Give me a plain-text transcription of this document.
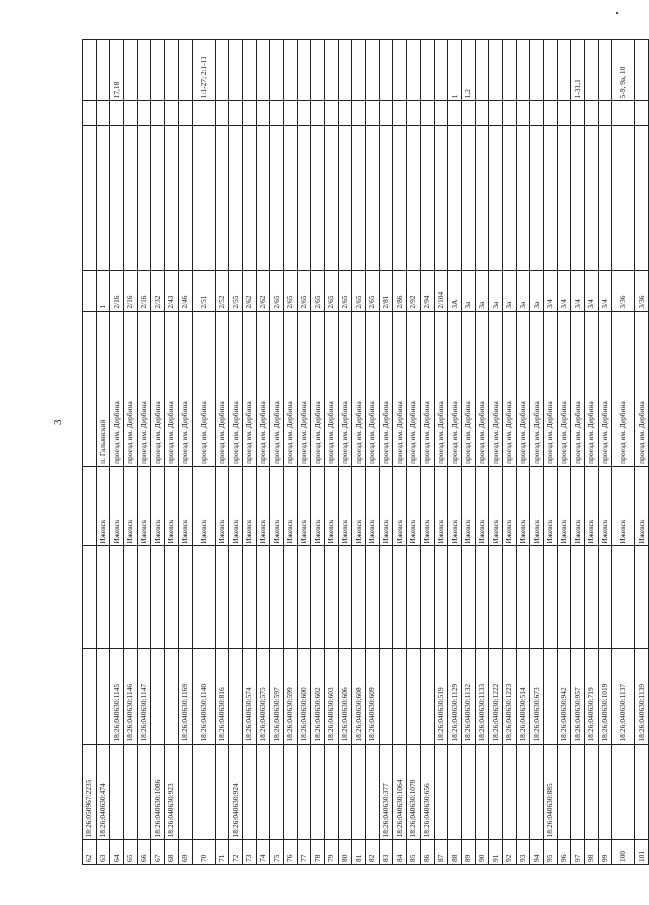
3
62	18:26:050967:2235								
63	18:26:040630:474			Ижевск	п. Гальянский	1			
64		18:26:040630:1145		Ижевск	проезд им. Дербина	2/16			17,18
65		18:26:040630:1146		Ижевск	проезд им. Дербина	2/16			
66		18:26:040630:1147		Ижевск	проезд им. Дербина	2/16			
67	18:26:040630:1086			Ижевск	проезд им. Дербина	2/32			
68	18:26:040630:923			Ижевск	проезд им. Дербина	2/43			
69		18:26:040630:1169		Ижевск	проезд им. Дербина	2/46			
70		18:26:040630:1140		Ижевск	проезд им. Дербина	2/51			1:1-27; 2:1-11
71		18:26:040630:816		Ижевск	проезд им. Дербина	2/52			
72	18:26:040630:924			Ижевск	проезд им. Дербина	2/55			
73		18:26:040630:574		Ижевск	проезд им. Дербина	2/62			
74		18:26:040630:575		Ижевск	проезд им. Дербина	2/62			
75		18:26:040630:597		Ижевск	проезд им. Дербина	2/65			
76		18:26:040630:599		Ижевск	проезд им. Дербина	2/65			
77		18:26:040630:600		Ижевск	проезд им. Дербина	2/65			
78		18:26:040630:602		Ижевск	проезд им. Дербина	2/65			
79		18:26:040630:603		Ижевск	проезд им. Дербина	2/65			
80		18:26:040630:606		Ижевск	проезд им. Дербина	2/65			
81		18:26:040630:608		Ижевск	проезд им. Дербина	2/65			
82		18:26:040630:609		Ижевск	проезд им. Дербина	2/65			
83	18:26:040630:377			Ижевск	проезд им. Дербина	2/81			
84	18:26:040630:1064			Ижевск	проезд им. Дербина	2/86			
85	18:26:040630:1070			Ижевск	проезд им. Дербина	2/92			
86	18:26:040630:656			Ижевск	проезд им. Дербина	2/94			
87		18:26:040630:519		Ижевск	проезд им. Дербина	2/104			
88		18:26:040630:1129		Ижевск	проезд им. Дербина	3А			1
89		18:26:040630:1132		Ижевск	проезд им. Дербина	3а			1,2
90		18:26:040630:1133		Ижевск	проезд им. Дербина	3а			
91		18:26:040630:1222		Ижевск	проезд им. Дербина	3а			
92		18:26:040630:1223		Ижевск	проезд им. Дербина	3а			
93		18:26:040630:514		Ижевск	проезд им. Дербина	3а			
94		18:26:040630:673		Ижевск	проезд им. Дербина	3а			
95	18:26:040630:885			Ижевск	проезд им. Дербина	3/4			
96		18:26:040630:942		Ижевск	проезд им. Дербина	3/4			
97		18:26:040630:957		Ижевск	проезд им. Дербина	3/4			1-31,1
98		18:26:040630:719		Ижевск	проезд им. Дербина	3/4			
99		18:26:040630:1019		Ижевск	проезд им. Дербина	3/4			
100		18:26:040630:1137		Ижевск	проезд им. Дербина	3/36			5-9, 9а, 10
101		18:26:040630:1139		Ижевск	проезд им. Дербина	3/36			
